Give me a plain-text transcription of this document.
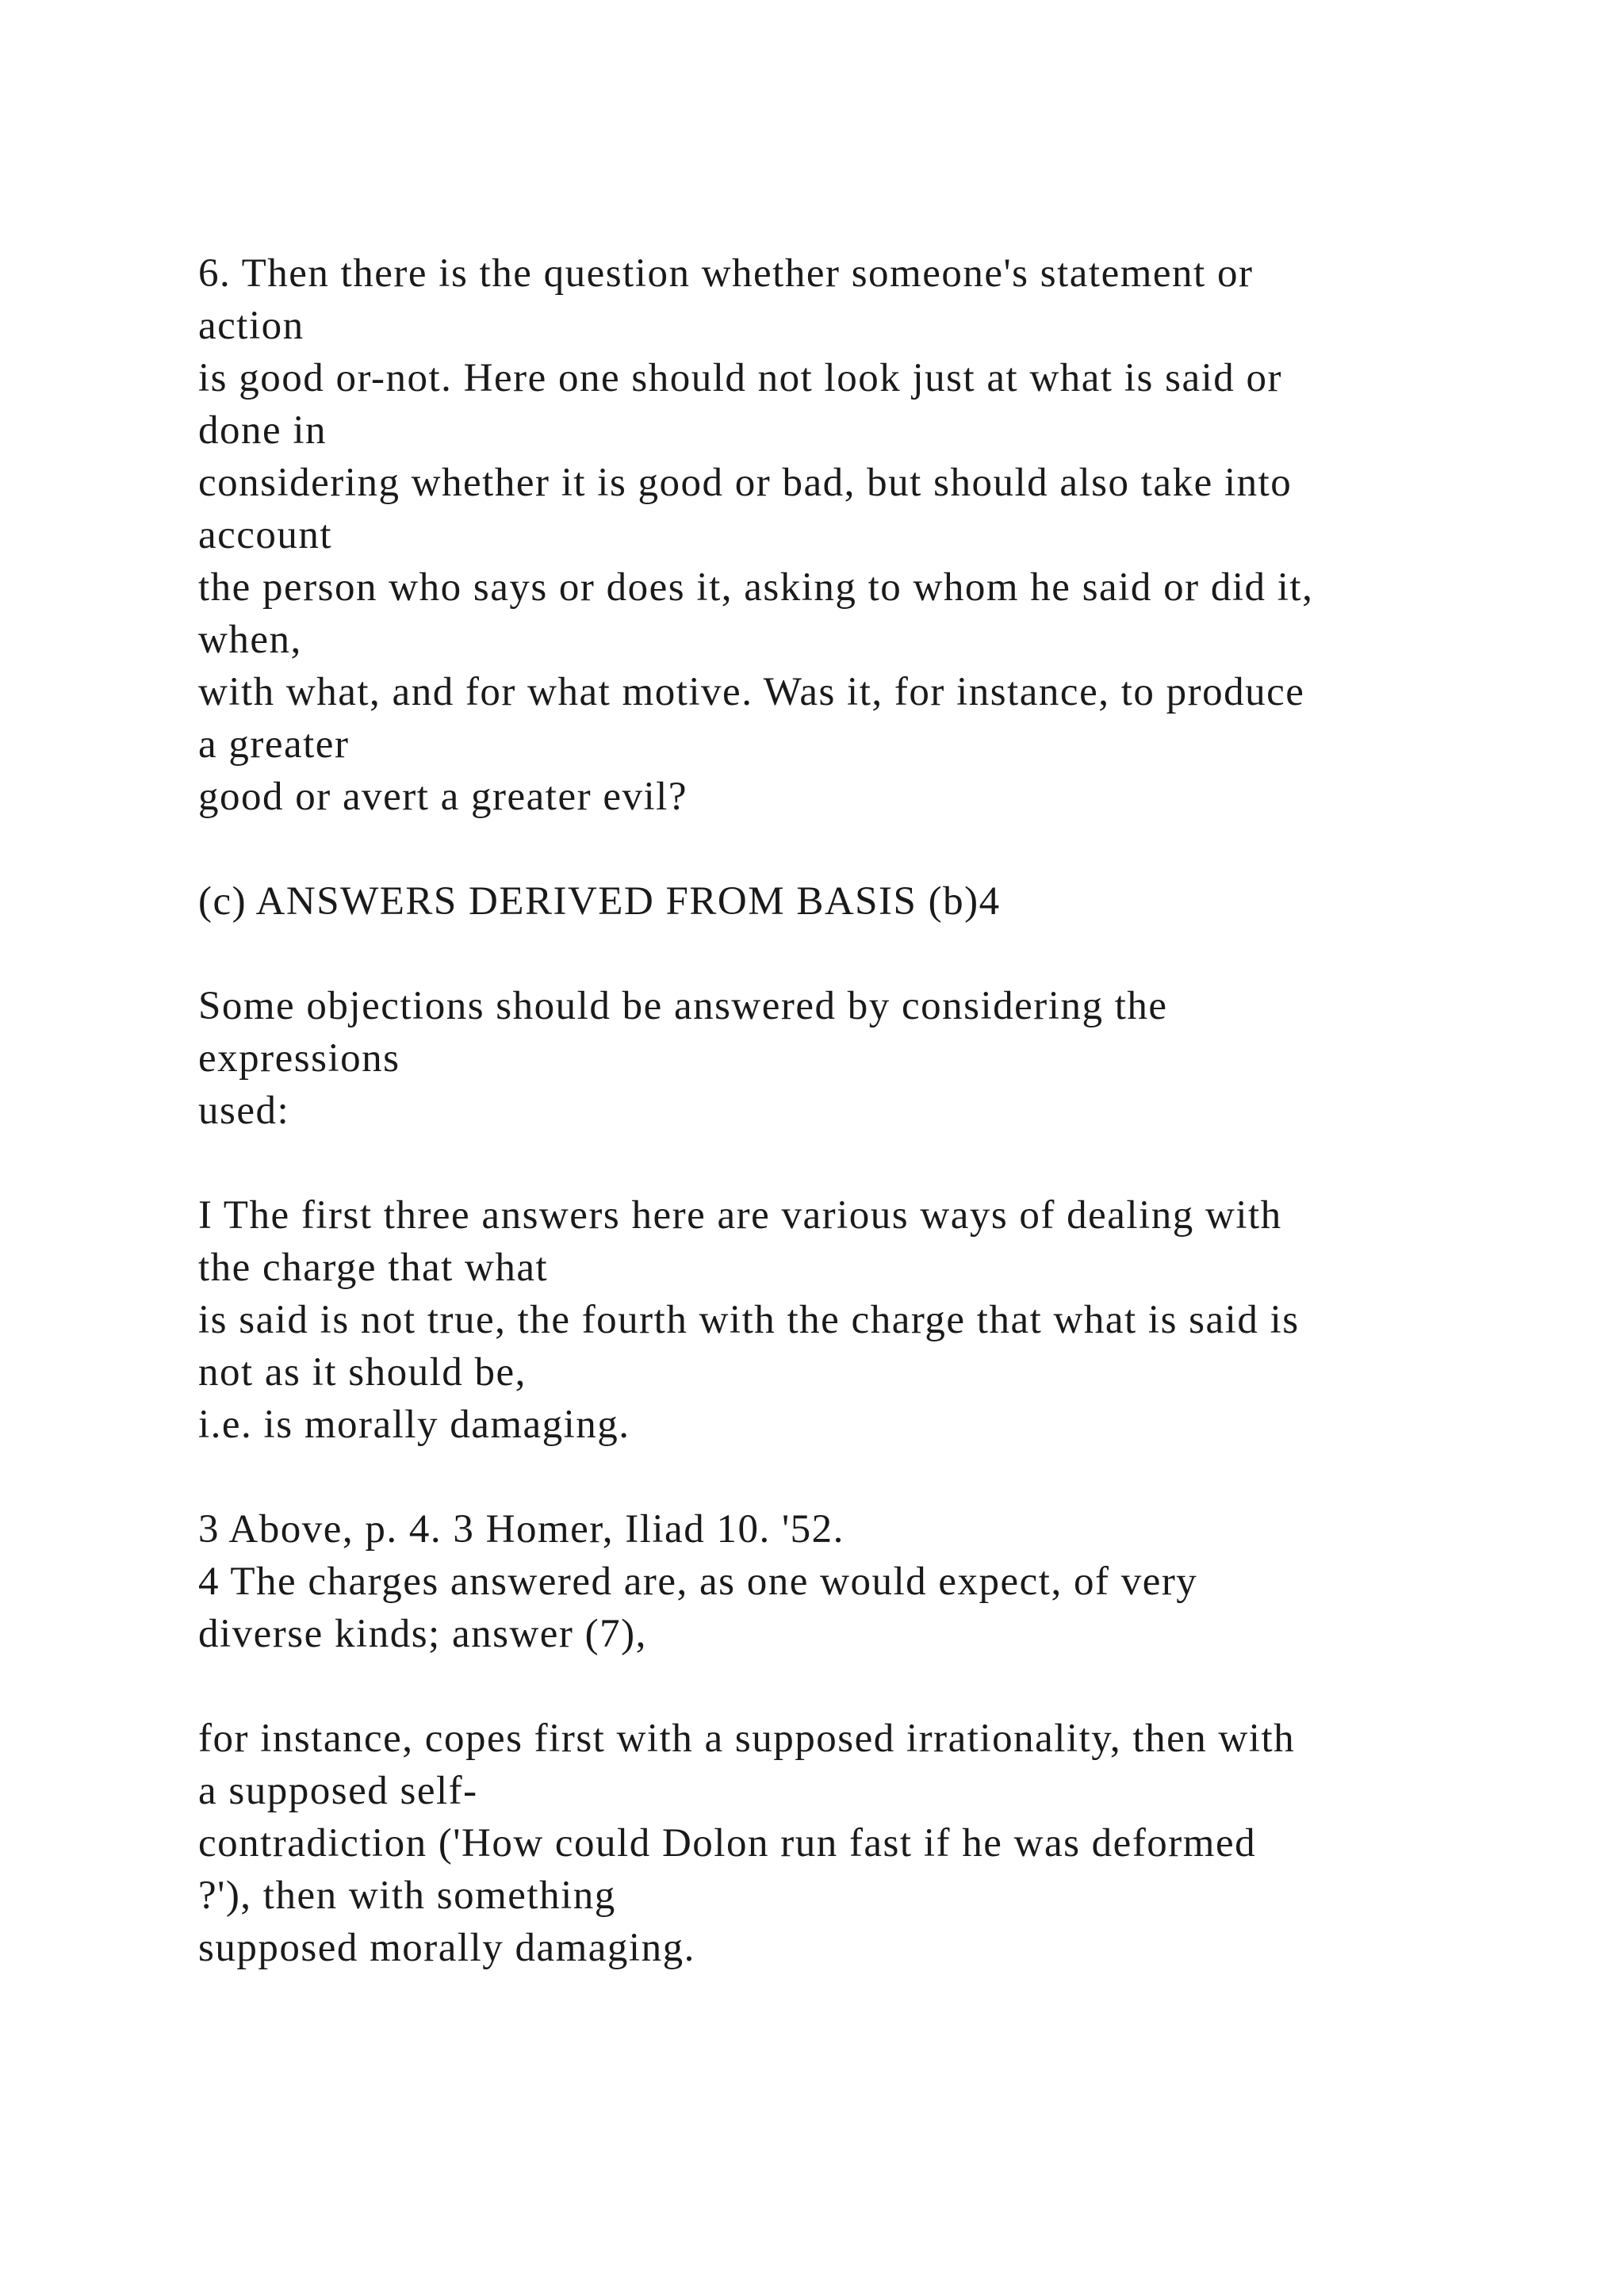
6. Then there is the question whether someone's statement or
action
is good or-not. Here one should not look just at what is said or
done in
considering whether it is good or bad, but should also take into
account
the person who says or does it, asking to whom he said or did it,
when,
with what, and for what motive. Was it, for instance, to produce
a greater
good or avert a greater evil?
(c) ANSWERS DERIVED FROM BASIS (b)4
Some objections should be answered by considering the
expressions
used:
I The first three answers here are various ways of dealing with
the charge that what
is said is not true, the fourth with the charge that what is said is
not as it should be,
i.e. is morally damaging.
3 Above, p. 4. 3 Homer, Iliad 10. '52.
4 The charges answered are, as one would expect, of very
diverse kinds; answer (7),
for instance, copes first with a supposed irrationality, then with
a supposed self-
contradiction ('How could Dolon run fast if he was deformed
?'), then with something
supposed morally damaging.
